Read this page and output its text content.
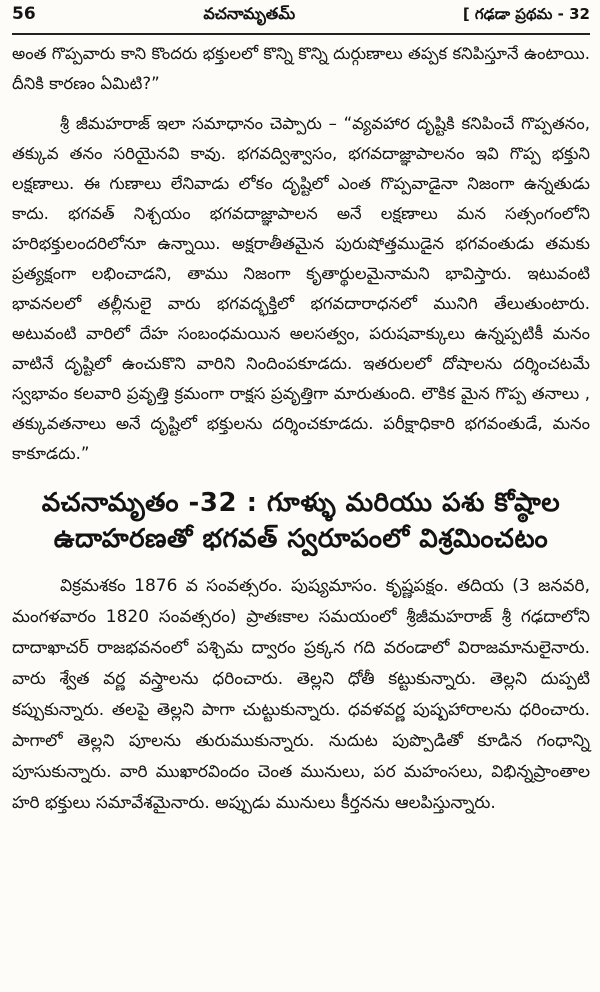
56	వచనామృతమ్	[ గఢడా ప్రథమ - 32

అంత గొప్పవారు కాని కొందరు భక్తులలో కొన్ని కొన్ని దుర్గుణాలు తప్పక కనిపిస్తూనే ఉంటాయి. దీనికి కారణం ఏమిటి?”

శ్రీ జీమహరాజ్ ఇలా సమాధానం చెప్పారు – “వ్యవహార దృష్టికి కనిపించే గొప్పతనం, తక్కువ తనం సరియైనవి కావు. భగవద్విశ్వాసం, భగవదాజ్ఞాపాలనం ఇవి గొప్ప భక్తుని లక్షణాలు. ఈ గుణాలు లేనివాడు లోకం దృష్టిలో ఎంత గొప్పవాడైనా నిజంగా ఉన్నతుడు కాదు. భగవత్ నిశ్చయం భగవదాజ్ఞాపాలన అనే లక్షణాలు మన సత్సంగంలోని హరిభక్తులందరిలోనూ ఉన్నాయి. అక్షరాతీతమైన పురుషోత్తముడైన భగవంతుడు తమకు ప్రత్యక్షంగా లభించాడని, తాము నిజంగా కృతార్థులమైనామని భావిస్తారు. ఇటువంటి భావనలలో తల్లీనులై వారు భగవద్భక్తిలో భగవదారాధనలో మునిగి తేలుతుంటారు. అటువంటి వారిలో దేహ సంబంధమయిన అలసత్వం, పరుషవాక్కులు ఉన్నప్పటికీ మనం వాటినే దృష్టిలో ఉంచుకొని వారిని నిందింపకూడదు. ఇతరులలో దోషాలను దర్శించటమే స్వభావం కలవారి ప్రవృత్తి క్రమంగా రాక్షస ప్రవృత్తిగా మారుతుంది. లౌకిక మైన గొప్ప తనాలు , తక్కువతనాలు అనే దృష్టిలో భక్తులను దర్శించకూడదు. పరీక్షాధికారి భగవంతుడే, మనం కాకూడదు.”

వచనామృతం -32 : గూళ్ళు మరియు పశు కోష్ఠాల
ఉదాహరణతో భగవత్ స్వరూపంలో విశ్రమించటం

విక్రమశకం 1876 వ సంవత్సరం. పుష్యమాసం. కృష్ణపక్షం. తదియ (3 జనవరి, మంగళవారం 1820 సంవత్సరం) ప్రాతఃకాల సమయంలో శ్రీజీమహరాజ్ శ్రీ గఢదాలోని దాదాఖాచర్ రాజభవనంలో పశ్చిమ ద్వారం ప్రక్కన గది వరండాలో విరాజమానులైనారు. వారు శ్వేత వర్ణ వస్త్రాలను ధరించారు. తెల్లని ధోతీ కట్టుకున్నారు. తెల్లని దుప్పటి కప్పుకున్నారు. తలపై తెల్లని పాగా చుట్టుకున్నారు. ధవళవర్ణ పుష్పహారాలను ధరించారు. పాగాలో తెల్లని పూలను తురుముకున్నారు. నుదుట పుప్పొడితో కూడిన గంధాన్ని పూసుకున్నారు. వారి ముఖారవిందం చెంత మునులు, పర మహంసలు, విభిన్నప్రాంతాల హరి భక్తులు సమావేశమైనారు. అప్పుడు మునులు కీర్తనను ఆలపిస్తున్నారు.
